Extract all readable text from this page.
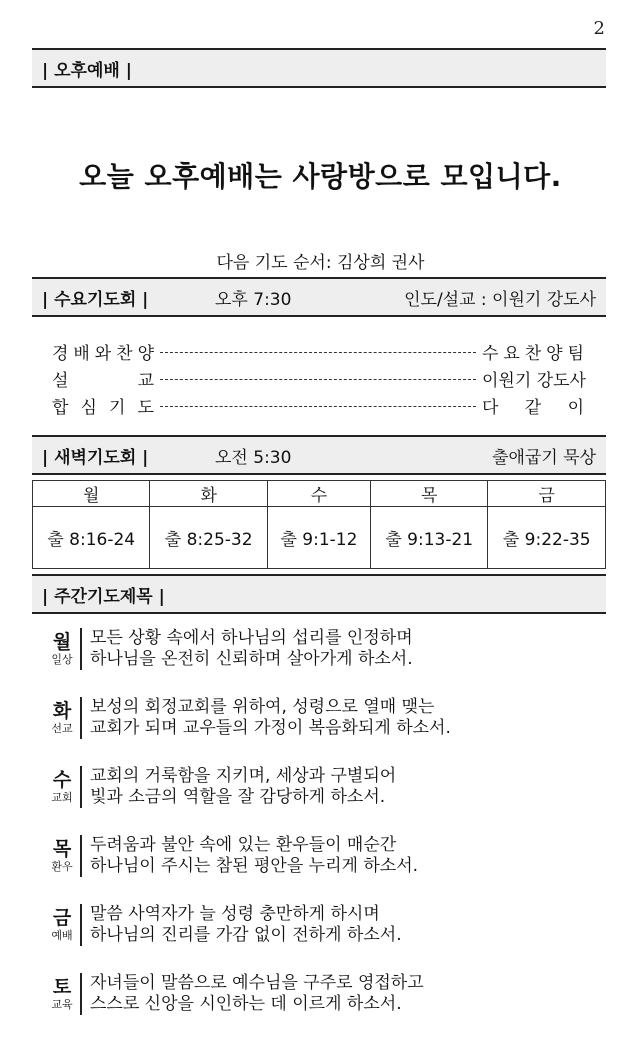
2
| 오후예배 |
오늘 오후예배는 사랑방으로 모입니다.
다음 기도 순서: 김상희 권사
| 수요기도회 |	오후 7:30	인도/설교 : 이원기 강도사
경 배 와 찬 양	수 요 찬 양 팀
설	교	이원기 강도사
합 심 기 도	다 같 이
| 새벽기도회 |	오전 5:30	출애굽기 묵상
월	화	수	목	금
출 8:16-24	출 8:25-32	출 9:1-12	출 9:13-21	출 9:22-35
| 주간기도제목 |
월
일상
모든 상황 속에서 하나님의 섭리를 인정하며
하나님을 온전히 신뢰하며 살아가게 하소서.
화
선교
보성의 회정교회를 위하여, 성령으로 열매 맺는
교회가 되며 교우들의 가정이 복음화되게 하소서.
수
교회
교회의 거룩함을 지키며, 세상과 구별되어
빛과 소금의 역할을 잘 감당하게 하소서.
목
환우
두려움과 불안 속에 있는 환우들이 매순간
하나님이 주시는 참된 평안을 누리게 하소서.
금
예배
말씀 사역자가 늘 성령 충만하게 하시며
하나님의 진리를 가감 없이 전하게 하소서.
토
교육
자녀들이 말씀으로 예수님을 구주로 영접하고
스스로 신앙을 시인하는 데 이르게 하소서.
